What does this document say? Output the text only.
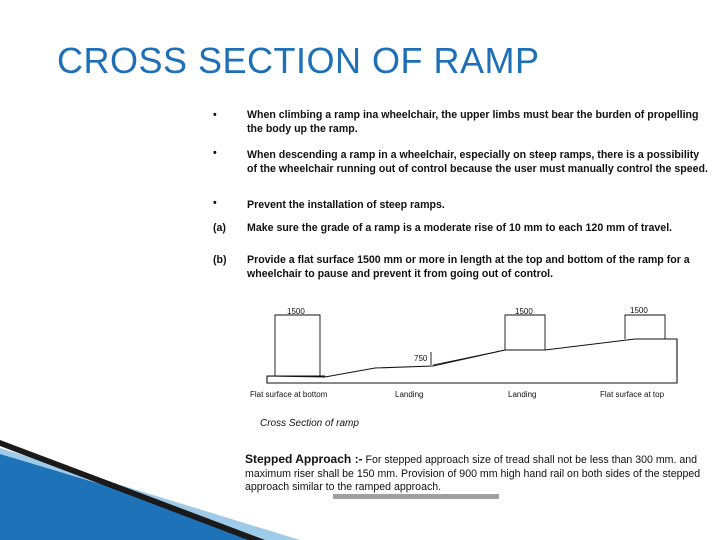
CROSS SECTION OF RAMP
•	When climbing a ramp ina wheelchair, the upper limbs must bear the burden of propelling the body up the ramp.
•	When descending a ramp in a wheelchair, especially on steep ramps, there is a possibility of the wheelchair running out of control because the user must manually control the speed.
•	Prevent the installation of steep ramps.
(a) Make sure the grade of a ramp is a moderate rise of 10 mm to each 120 mm of travel.
(b) Provide a flat surface 1500 mm or more in length at the top and bottom of the ramp for a wheelchair to pause and prevent it from going out of control.
1500	1500	1500
750
Flat surface at bottom	Landing	Landing	Flat surface at top
Cross Section of ramp
Stepped Approach :- For stepped approach size of tread shall not be less than 300 mm. and maximum riser shall be 150 mm. Provision of 900 mm high hand rail on both sides of the stepped approach similar to the ramped approach.
